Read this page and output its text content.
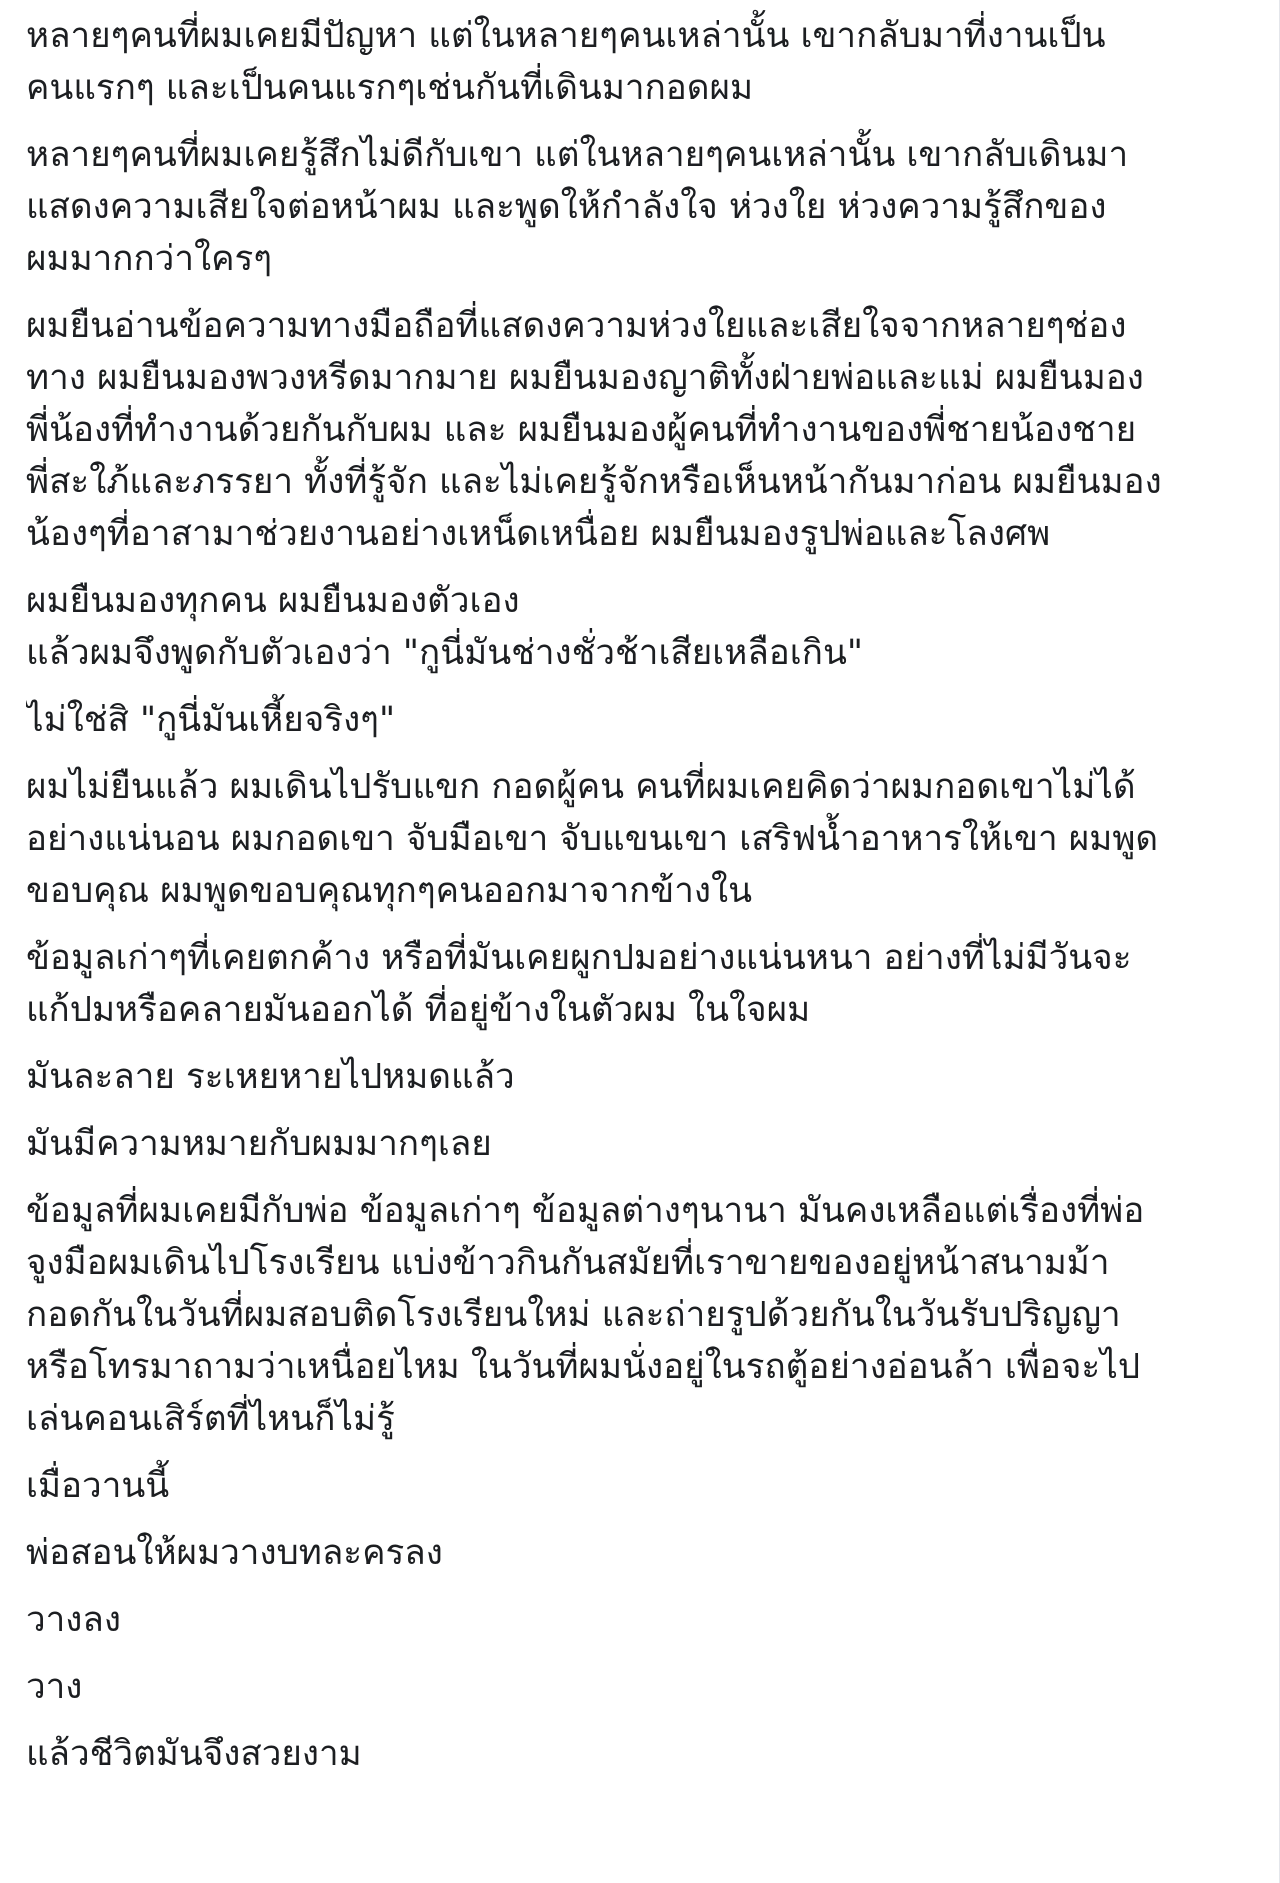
หลายๆคนที่ผมเคยมีปัญหา แต่ในหลายๆคนเหล่านั้น เขากลับมาที่งานเป็น
คนแรกๆ และเป็นคนแรกๆเช่นกันที่เดินมากอดผม

หลายๆคนที่ผมเคยรู้สึกไม่ดีกับเขา แต่ในหลายๆคนเหล่านั้น เขากลับเดินมา
แสดงความเสียใจต่อหน้าผม และพูดให้กำลังใจ ห่วงใย ห่วงความรู้สึกของ
ผมมากกว่าใครๆ

ผมยืนอ่านข้อความทางมือถือที่แสดงความห่วงใยและเสียใจจากหลายๆช่อง
ทาง ผมยืนมองพวงหรีดมากมาย ผมยืนมองญาติทั้งฝ่ายพ่อและแม่ ผมยืนมอง
พี่น้องที่ทำงานด้วยกันกับผม และ ผมยืนมองผู้คนที่ทำงานของพี่ชายน้องชาย
พี่สะใภ้และภรรยา ทั้งที่รู้จัก และไม่เคยรู้จักหรือเห็นหน้ากันมาก่อน ผมยืนมอง
น้องๆที่อาสามาช่วยงานอย่างเหน็ดเหนื่อย ผมยืนมองรูปพ่อและโลงศพ

ผมยืนมองทุกคน ผมยืนมองตัวเอง
แล้วผมจึงพูดกับตัวเองว่า "กูนี่มันช่างชั่วช้าเสียเหลือเกิน"

ไม่ใช่สิ "กูนี่มันเหี้ยจริงๆ"

ผมไม่ยืนแล้ว ผมเดินไปรับแขก กอดผู้คน คนที่ผมเคยคิดว่าผมกอดเขาไม่ได้
อย่างแน่นอน ผมกอดเขา จับมือเขา จับแขนเขา เสริฟน้ำอาหารให้เขา ผมพูด
ขอบคุณ ผมพูดขอบคุณทุกๆคนออกมาจากข้างใน

ข้อมูลเก่าๆที่เคยตกค้าง หรือที่มันเคยผูกปมอย่างแน่นหนา อย่างที่ไม่มีวันจะ
แก้ปมหรือคลายมันออกได้ ที่อยู่ข้างในตัวผม ในใจผม

มันละลาย ระเหยหายไปหมดแล้ว

มันมีความหมายกับผมมากๆเลย

ข้อมูลที่ผมเคยมีกับพ่อ ข้อมูลเก่าๆ ข้อมูลต่างๆนานา มันคงเหลือแต่เรื่องที่พ่อ
จูงมือผมเดินไปโรงเรียน แบ่งข้าวกินกันสมัยที่เราขายของอยู่หน้าสนามม้า
กอดกันในวันที่ผมสอบติดโรงเรียนใหม่ และถ่ายรูปด้วยกันในวันรับปริญญา
หรือโทรมาถามว่าเหนื่อยไหม ในวันที่ผมนั่งอยู่ในรถตู้อย่างอ่อนล้า เพื่อจะไป
เล่นคอนเสิร์ตที่ไหนก็ไม่รู้

เมื่อวานนี้

พ่อสอนให้ผมวางบทละครลง

วางลง

วาง

แล้วชีวิตมันจึงสวยงาม
